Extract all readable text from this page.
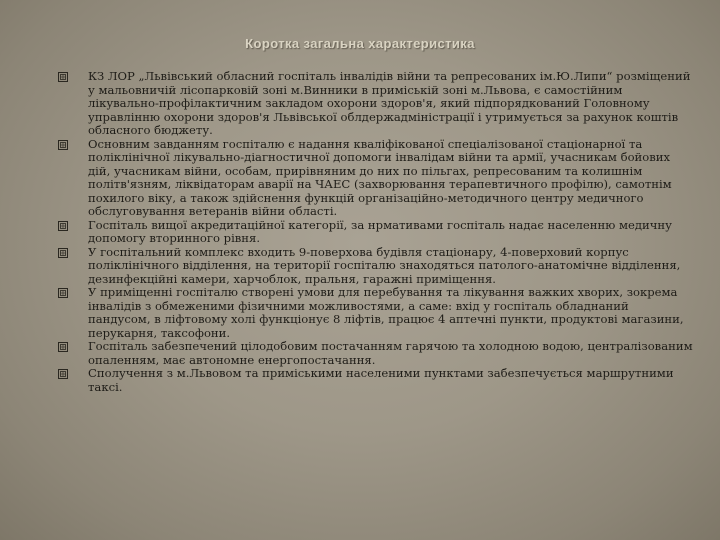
Коротка загальна характеристика
КЗ ЛОР „Львівський обласний госпіталь інвалідів війни та репресованих ім.Ю.Липи“ розміщений у мальовничій лісопарковій зоні м.Винники в приміській зоні м.Львова, є самостійним лікувально-профілактичним закладом охорони здоров'я, який підпорядкований Головному управлінню охорони здоров'я Львівської облдержадміністрації і утримується за рахунок коштів обласного бюджету.
Основним завданням госпіталю є надання кваліфікованої спеціалізованої стаціонарної та поліклінічної лікувально-діагностичної допомоги інвалідам війни та армії, учасникам бойових дій, учасникам війни, особам, прирівняним до них по пільгах, репресованим та колишнім політв'язням, ліквідаторам аварії на ЧАЕС (захворювання терапевтичного профілю), самотнім похилого віку, а також здійснення функцій організаційно-методичного центру медичного обслуговування ветеранів війни області.
Госпіталь вищої акредитаційної категорії, за нрмативами госпіталь надає населенню медичну допомогу вторинного рівня.
У госпітальний комплекс входить 9-поверхова будівля стаціонару, 4-поверховий корпус поліклінічного відділення, на території госпіталю знаходяться патолого-анатомічне відділення, дезинфекційні камери, харчоблок, пральня, гаражні приміщення.
У приміщенні госпіталю створені умови для перебування та лікування важких хворих, зокрема інвалідів з обмеженими фізичними можливостями, а саме: вхід у госпіталь обладнаний пандусом, в ліфтовому холі функціонує 8 ліфтів, працює 4 аптечні пункти, продуктові магазини, перукарня, таксофони.
Госпіталь забезпечений цілодобовим постачанням гарячою та холодною водою, централізованим опаленням, має автономне енергопостачання.
Сполучення з м.Львовом та приміськими населеними пунктами забезпечується маршрутними таксі.
